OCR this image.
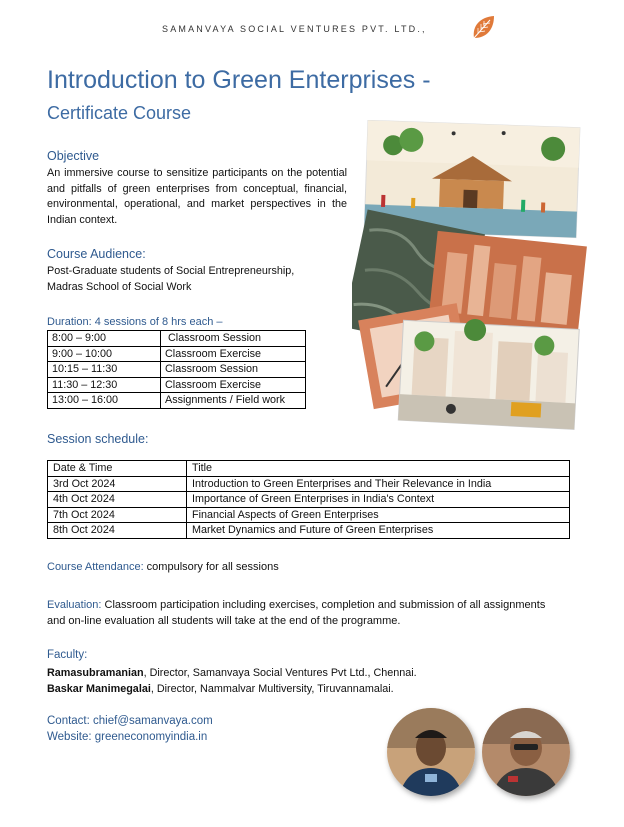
SAMANVAYA SOCIAL VENTURES PVT. LTD.,
Introduction to Green Enterprises -
Certificate Course
Objective
An immersive course to sensitize participants on the potential and pitfalls of green enterprises from conceptual, financial, environmental, operational, and market perspectives in the Indian context.
Course Audience:
Post-Graduate students of Social Entrepreneurship,
Madras School of Social Work
Duration: 4 sessions of 8 hrs each –
8:00 – 9:00	Classroom Session
9:00 – 10:00	Classroom Exercise
10:15 – 11:30	Classroom Session
11:30 – 12:30	Classroom Exercise
13:00 – 16:00	Assignments / Field work
Session schedule:
Date & Time	Title
3rd Oct 2024	Introduction to Green Enterprises and Their Relevance in India
4th Oct 2024	Importance of Green Enterprises in India's Context
7th Oct 2024	Financial Aspects of Green Enterprises
8th Oct 2024	Market Dynamics and Future of Green Enterprises
Course Attendance: compulsory for all sessions
Evaluation: Classroom participation including exercises, completion and submission of all assignments and on-line evaluation all students will take at the end of the programme.
Faculty:
Ramasubramanian, Director, Samanvaya Social Ventures Pvt Ltd., Chennai.
Baskar Manimegalai, Director, Nammalvar Multiversity, Tiruvannamalai.
Contact: chief@samanvaya.com
Website: greeneconomyindia.in
